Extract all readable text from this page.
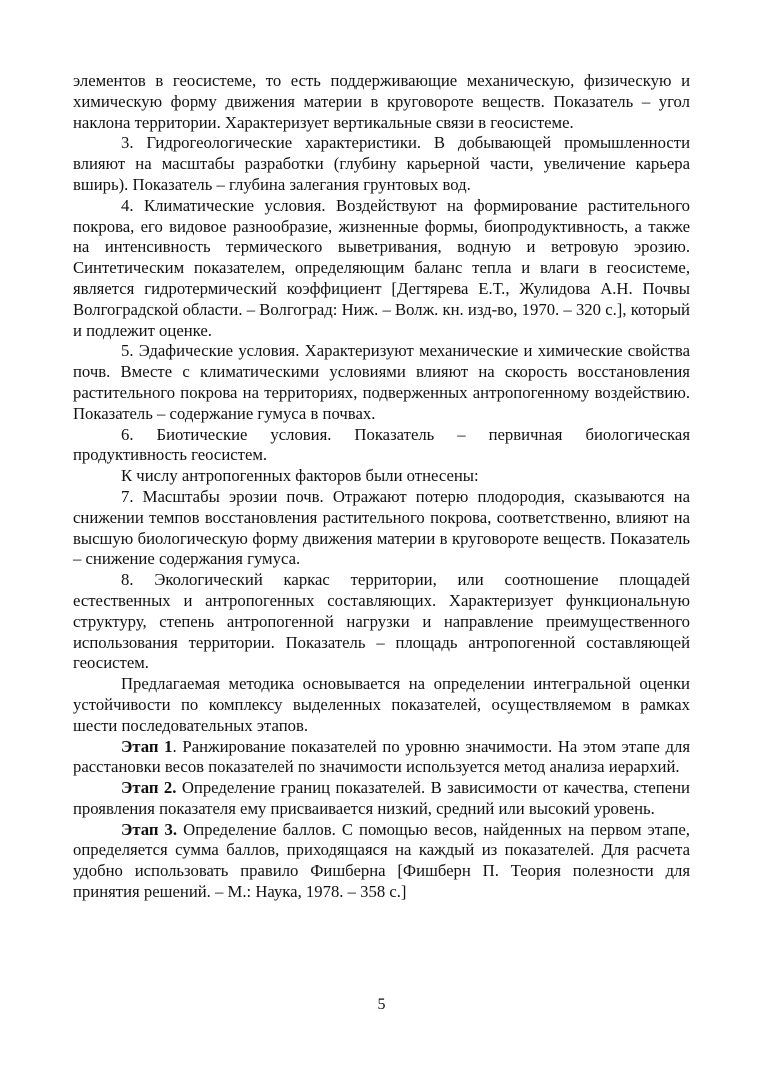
элементов в геосистеме, то есть поддерживающие механическую, физическую и химическую форму движения материи в круговороте веществ. Показатель – угол наклона территории. Характеризует вертикальные связи в геосистеме.

3. Гидрогеологические характеристики. В добывающей промышленности влияют на масштабы разработки (глубину карьерной части, увеличение карьера вширь). Показатель – глубина залегания грунтовых вод.

4. Климатические условия. Воздействуют на формирование растительного покрова, его видовое разнообразие, жизненные формы, биопродуктивность, а также на интенсивность термического выветривания, водную и ветровую эрозию. Синтетическим показателем, определяющим баланс тепла и влаги в геосистеме, является гидротермический коэффициент [Дегтярева Е.Т., Жулидова А.Н. Почвы Волгоградской области. – Волгоград: Ниж. – Волж. кн. изд-во, 1970. – 320 с.], который и подлежит оценке.

5. Эдафические условия. Характеризуют механические и химические свойства почв. Вместе с климатическими условиями влияют на скорость восстановления растительного покрова на территориях, подверженных антропогенному воздействию. Показатель – содержание гумуса в почвах.

6. Биотические условия. Показатель – первичная биологическая продуктивность геосистем.

К числу антропогенных факторов были отнесены:

7. Масштабы эрозии почв. Отражают потерю плодородия, сказываются на снижении темпов восстановления растительного покрова, соответственно, влияют на высшую биологическую форму движения материи в круговороте веществ. Показатель – снижение содержания гумуса.

8. Экологический каркас территории, или соотношение площадей естественных и антропогенных составляющих. Характеризует функциональную структуру, степень антропогенной нагрузки и направление преимущественного использования территории. Показатель – площадь антропогенной составляющей геосистем.

Предлагаемая методика основывается на определении интегральной оценки устойчивости по комплексу выделенных показателей, осуществляемом в рамках шести последовательных этапов.

Этап 1. Ранжирование показателей по уровню значимости. На этом этапе для расстановки весов показателей по значимости используется метод анализа иерархий.

Этап 2. Определение границ показателей. В зависимости от качества, степени проявления показателя ему присваивается низкий, средний или высокий уровень.

Этап 3. Определение баллов. С помощью весов, найденных на первом этапе, определяется сумма баллов, приходящаяся на каждый из показателей. Для расчета удобно использовать правило Фишберна [Фишберн П. Теория полезности для принятия решений. – М.: Наука, 1978. – 358 с.]

5
